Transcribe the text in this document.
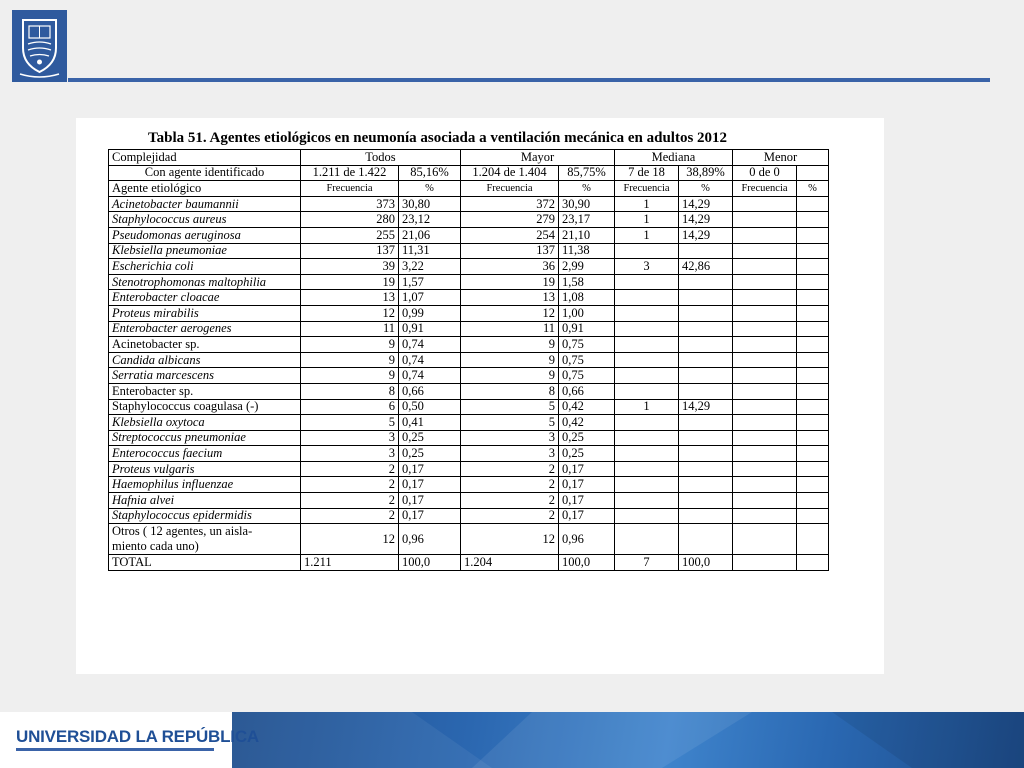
Tabla 51. Agentes etiológicos en neumonía asociada a ventilación mecánica en adultos 2012
Complejidad	Todos		Mayor		Mediana		Menor	
Con agente identificado	1.211 de 1.422	85,16%	1.204 de 1.404	85,75%	7 de 18	38,89%	0 de 0	
Agente etiológico	Frecuencia	%	Frecuencia	%	Frecuencia	%	Frecuencia	%
Acinetobacter baumannii	373	30,80	372	30,90	1	14,29		
Staphylococcus aureus	280	23,12	279	23,17	1	14,29		
Pseudomonas aeruginosa	255	21,06	254	21,10	1	14,29		
Klebsiella pneumoniae	137	11,31	137	11,38				
Escherichia coli	39	3,22	36	2,99	3	42,86		
Stenotrophomonas maltophilia	19	1,57	19	1,58				
Enterobacter cloacae	13	1,07	13	1,08				
Proteus mirabilis	12	0,99	12	1,00				
Enterobacter aerogenes	11	0,91	11	0,91				
Acinetobacter sp.	9	0,74	9	0,75				
Candida albicans	9	0,74	9	0,75				
Serratia marcescens	9	0,74	9	0,75				
Enterobacter sp.	8	0,66	8	0,66				
Staphylococcus coagulasa (-)	6	0,50	5	0,42	1	14,29		
Klebsiella oxytoca	5	0,41	5	0,42				
Streptococcus pneumoniae	3	0,25	3	0,25				
Enterococcus faecium	3	0,25	3	0,25				
Proteus vulgaris	2	0,17	2	0,17				
Haemophilus influenzae	2	0,17	2	0,17				
Hafnia alvei	2	0,17	2	0,17				
Staphylococcus epidermidis	2	0,17	2	0,17				

Otros ( 12 agentes, un aisla-
miento cada uno)	12	0,96	12	0,96				
TOTAL	1.211	100,0	1.204	100,0	7	100,0		
UNIVERSIDAD LA REPÚBLICA
